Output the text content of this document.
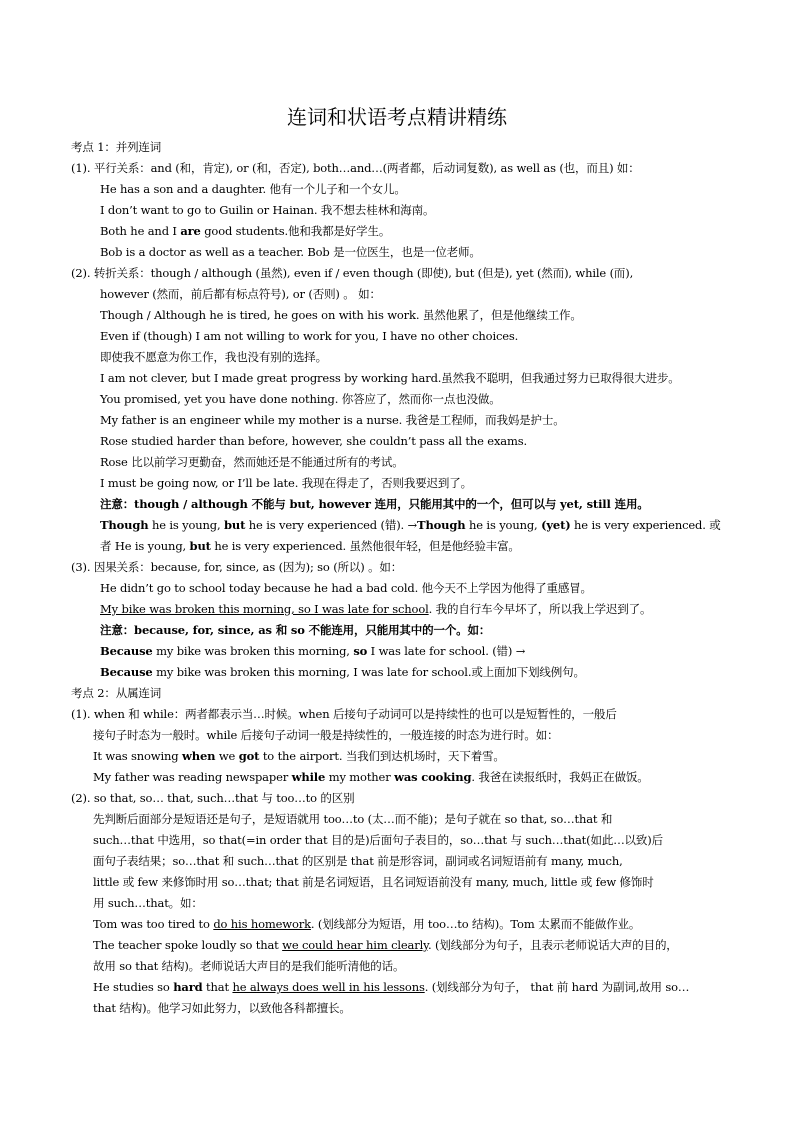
连词和状语考点精讲精练
考点 1：并列连词
(1). 平行关系：and (和，肯定), or (和，否定), both…and…(两者都，后动词复数), as well as (也，而且) 如：
He has a son and a daughter. 他有一个儿子和一个女儿。
I don’t want to go to Guilin or Hainan. 我不想去桂林和海南。
Both he and I are good students.他和我都是好学生。
Bob is a doctor as well as a teacher. Bob 是一位医生，也是一位老师。
(2). 转折关系：though / although (虽然), even if / even though (即使), but (但是), yet (然而), while (而),
however (然而，前后都有标点符号), or (否则) 。 如：
Though / Although he is tired, he goes on with his work. 虽然他累了，但是他继续工作。
Even if (though) I am not willing to work for you, I have no other choices.
即使我不愿意为你工作，我也没有别的选择。
I am not clever, but I made great progress by working hard.虽然我不聪明，但我通过努力已取得很大进步。
You promised, yet you have done nothing. 你答应了，然而你一点也没做。
My father is an engineer while my mother is a nurse. 我爸是工程师，而我妈是护士。
Rose studied harder than before, however, she couldn’t pass all the exams.
Rose 比以前学习更勤奋，然而她还是不能通过所有的考试。
I must be going now, or I’ll be late. 我现在得走了，否则我要迟到了。
注意：though / although 不能与 but, however 连用，只能用其中的一个，但可以与 yet, still 连用。
Though he is young, but he is very experienced (错). →Though he is young, (yet) he is very experienced. 或
者 He is young, but he is very experienced. 虽然他很年轻，但是他经验丰富。
(3). 因果关系：because, for, since, as (因为); so (所以) 。如：
He didn’t go to school today because he had a bad cold. 他今天不上学因为他得了重感冒。
My bike was broken this morning, so I was late for school. 我的自行车今早坏了，所以我上学迟到了。
注意：because, for, since, as 和 so 不能连用，只能用其中的一个。如：
Because my bike was broken this morning, so I was late for school. (错) →
Because my bike was broken this morning, I was late for school.或上面加下划线例句。
考点 2：从属连词
(1). when 和 while：两者都表示当…时候。when 后接句子动词可以是持续性的也可以是短暂性的，一般后
接句子时态为一般时。while 后接句子动词一般是持续性的，一般连接的时态为进行时。如：
It was snowing when we got to the airport. 当我们到达机场时，天下着雪。
My father was reading newspaper while my mother was cooking. 我爸在读报纸时，我妈正在做饭。
(2). so that, so… that, such…that 与 too…to 的区别
先判断后面部分是短语还是句子，是短语就用 too…to (太…而不能)；是句子就在 so that, so…that 和
such…that 中选用，so that(=in order that 目的是)后面句子表目的，so…that 与 such…that(如此…以致)后
面句子表结果；so…that 和 such…that 的区别是 that 前是形容词，副词或名词短语前有 many, much,
little 或 few 来修饰时用 so…that; that 前是名词短语，且名词短语前没有 many, much, little 或 few 修饰时
用 such…that。如：
Tom was too tired to do his homework. (划线部分为短语，用 too…to 结构)。Tom 太累而不能做作业。
The teacher spoke loudly so that we could hear him clearly. (划线部分为句子，且表示老师说话大声的目的，
故用 so that 结构)。老师说话大声目的是我们能听清他的话。
He studies so hard that he always does well in his lessons. (划线部分为句子， that 前 hard 为副词,故用 so…
that 结构)。他学习如此努力，以致他各科都擅长。
